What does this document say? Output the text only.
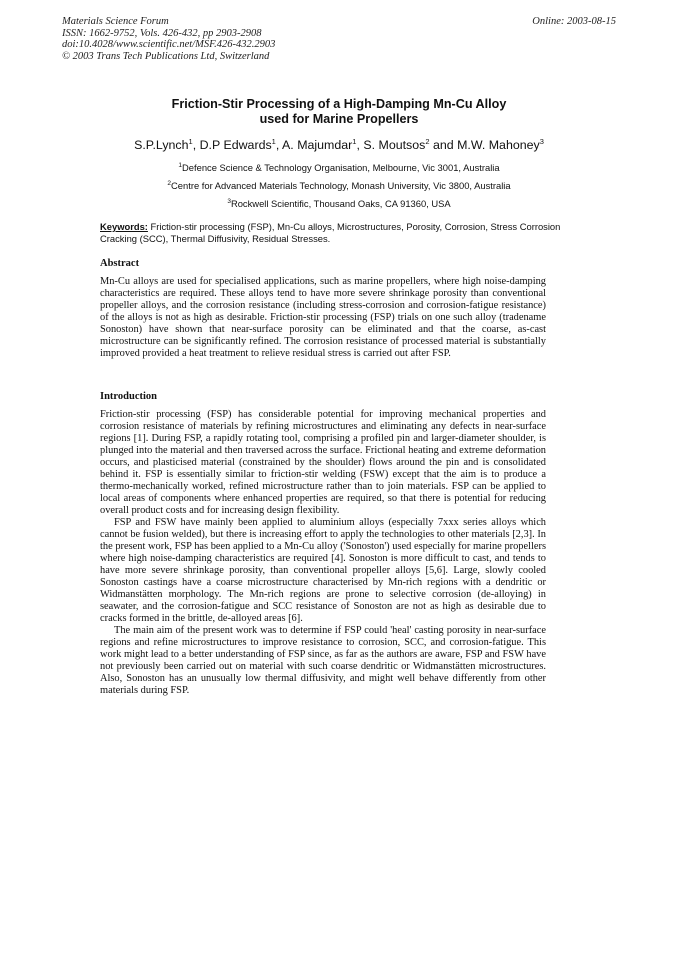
Materials Science Forum
ISSN: 1662-9752, Vols. 426-432, pp 2903-2908
doi:10.4028/www.scientific.net/MSF.426-432.2903
© 2003 Trans Tech Publications Ltd, Switzerland
Online: 2003-08-15
Friction-Stir Processing of a High-Damping Mn-Cu Alloy
used for Marine Propellers
S.P.Lynch$^1$, D.P Edwards$^1$, A. Majumdar$^1$, S. Moutsos$^2$ and M.W. Mahoney$^3$
$^1$Defence Science & Technology Organisation, Melbourne, Vic 3001, Australia
$^2$Centre for Advanced Materials Technology, Monash University, Vic 3800, Australia
$^3$Rockwell Scientific, Thousand Oaks, CA 91360, USA
Keywords: Friction-stir processing (FSP), Mn-Cu alloys, Microstructures, Porosity, Corrosion, Stress Corrosion Cracking (SCC), Thermal Diffusivity, Residual Stresses.
Abstract

Mn-Cu alloys are used for specialised applications, such as marine propellers, where high noise-damping characteristics are required. These alloys tend to have more severe shrinkage porosity than conventional propeller alloys, and the corrosion resistance (including stress-corrosion and corrosion-fatigue resistance) of the alloys is not as high as desirable. Friction-stir processing (FSP) trials on one such alloy (tradename Sonoston) have shown that near-surface porosity can be eliminated and that the coarse, as-cast microstructure can be significantly refined. The corrosion resistance of processed material is substantially improved provided a heat treatment to relieve residual stress is carried out after FSP.

Introduction

Friction-stir processing (FSP) has considerable potential for improving mechanical properties and corrosion resistance of materials by refining microstructures and eliminating any defects in near-surface regions [1]. During FSP, a rapidly rotating tool, comprising a profiled pin and larger-diameter shoulder, is plunged into the material and then traversed across the surface. Frictional heating and extreme deformation occurs, and plasticised material (constrained by the shoulder) flows around the pin and is consolidated behind it. FSP is essentially similar to friction-stir welding (FSW) except that the aim is to produce a thermo-mechanically worked, refined microstructure rather than to join materials. FSP can be applied to local areas of components where enhanced properties are required, so that there is potential for reducing overall product costs and for increasing design flexibility.

FSP and FSW have mainly been applied to aluminium alloys (especially 7xxx series alloys which cannot be fusion welded), but there is increasing effort to apply the technologies to other materials [2,3]. In the present work, FSP has been applied to a Mn-Cu alloy ('Sonoston') used especially for marine propellers where high noise-damping characteristics are required [4]. Sonoston is more difficult to cast, and tends to have more severe shrinkage porosity, than conventional propeller alloys [5,6]. Large, slowly cooled Sonoston castings have a coarse microstructure characterised by Mn-rich regions with a dendritic or Widmanstätten morphology. The Mn-rich regions are prone to selective corrosion (de-alloying) in seawater, and the corrosion-fatigue and SCC resistance of Sonoston are not as high as desirable due to cracks formed in the brittle, de-alloyed areas [6].

The main aim of the present work was to determine if FSP could 'heal' casting porosity in near-surface regions and refine microstructures to improve resistance to corrosion, SCC, and corrosion-fatigue. This work might lead to a better understanding of FSP since, as far as the authors are aware, FSP and FSW have not previously been carried out on material with such coarse dendritic or Widmanstätten microstructures. Also, Sonoston has an unusually low thermal diffusivity, and might well behave differently from other materials during FSP.
